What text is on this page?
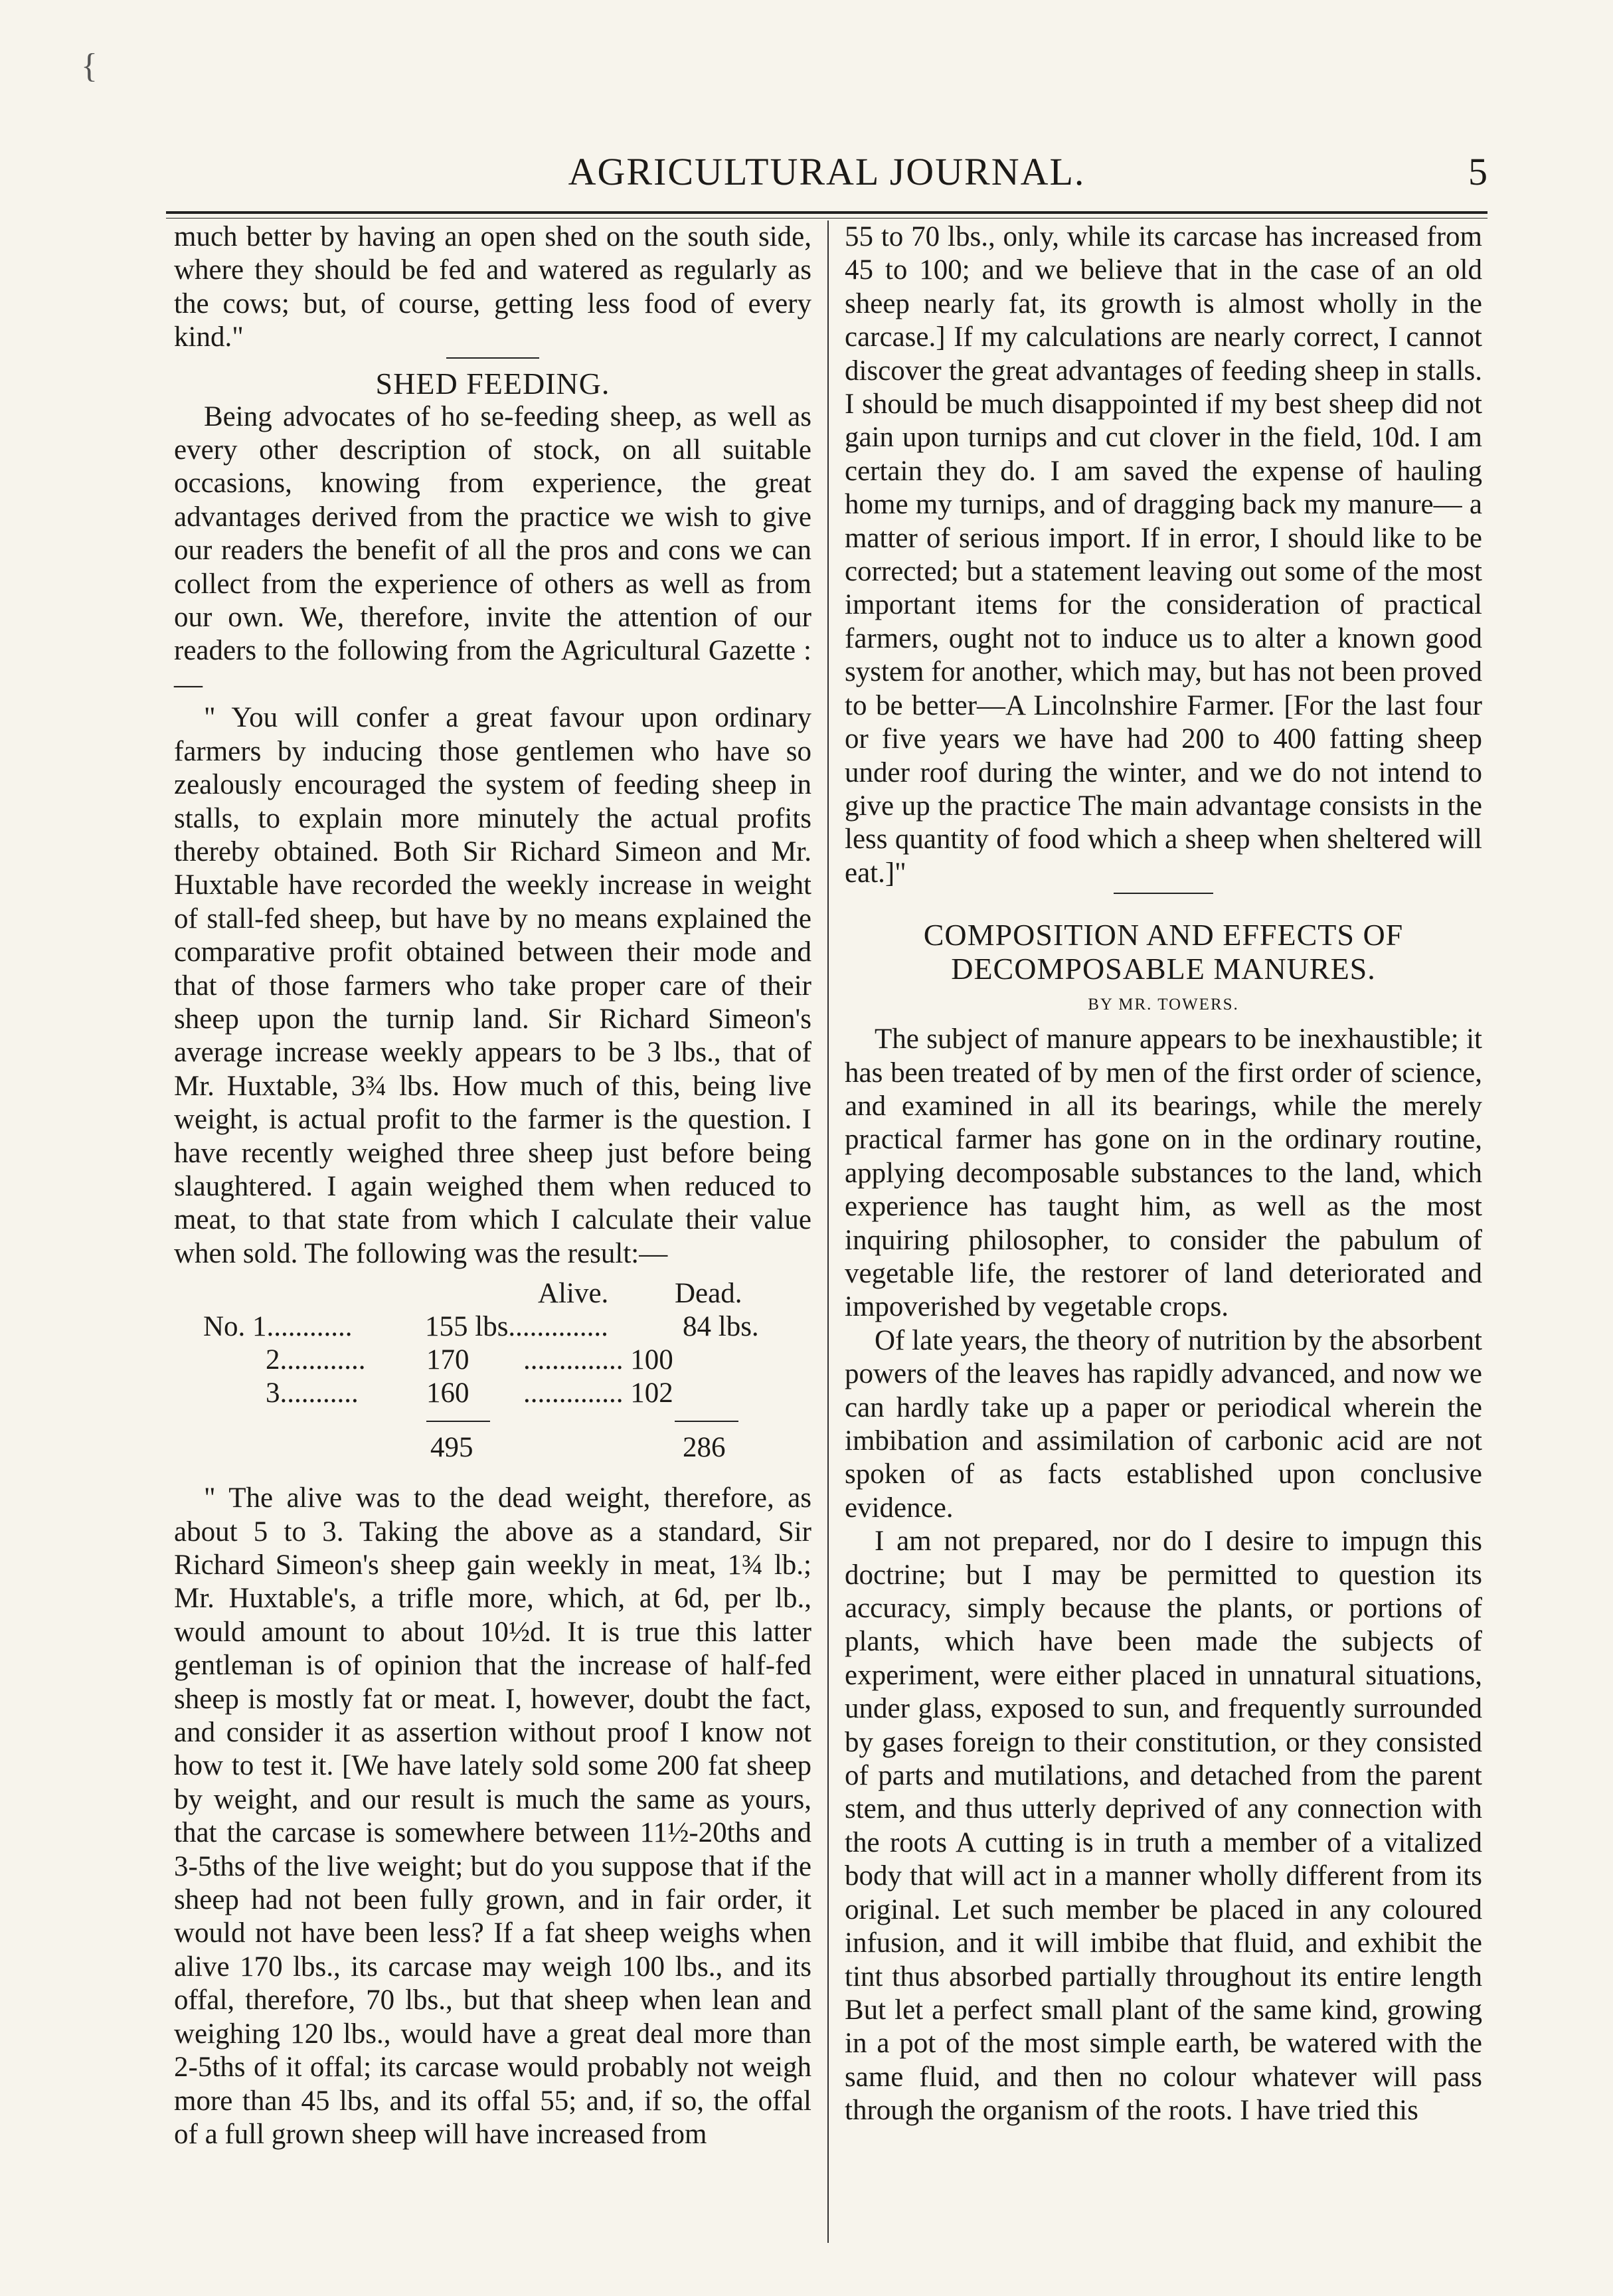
{
AGRICULTURAL JOURNAL.	5

much better by having an open shed on the south side, where they should be fed and watered as regularly as the cows; but, of course, getting less food of every kind."

SHED FEEDING.

Being advocates of ho se-feeding sheep, as well as every other description of stock, on all suitable occasions, knowing from experience, the great advantages derived from the practice we wish to give our readers the benefit of all the pros and cons we can collect from the experience of others as well as from our own. We, therefore, invite the attention of our readers to the following from the Agricultural Gazette :—

" You will confer a great favour upon ordinary farmers by inducing those gentlemen who have so zealously encouraged the system of feeding sheep in stalls, to explain more minutely the actual profits thereby obtained. Both Sir Richard Simeon and Mr. Huxtable have recorded the weekly increase in weight of stall-fed sheep, but have by no means explained the comparative profit obtained between their mode and that of those farmers who take proper care of their sheep upon the turnip land. Sir Richard Simeon's average increase weekly appears to be 3 lbs., that of Mr. Huxtable, 3¾ lbs. How much of this, being live weight, is actual profit to the farmer is the question. I have recently weighed three sheep just before being slaughtered. I again weighed them when reduced to meat, to that state from which I calculate their value when sold. The following was the result:—

Alive. Dead.
No. 1............	155 lbs..............	84 lbs.
2............ 170 .............. 100
3........... 160 .............. 102
495	286

" The alive was to the dead weight, therefore, as about 5 to 3. Taking the above as a standard, Sir Richard Simeon's sheep gain weekly in meat, 1¾ lb.; Mr. Huxtable's, a trifle more, which, at 6d, per lb., would amount to about 10½d. It is true this latter gentleman is of opinion that the increase of half-fed sheep is mostly fat or meat. I, however, doubt the fact, and consider it as assertion without proof I know not how to test it. [We have lately sold some 200 fat sheep by weight, and our result is much the same as yours, that the carcase is somewhere between 11½-20ths and 3-5ths of the live weight; but do you suppose that if the sheep had not been fully grown, and in fair order, it would not have been less? If a fat sheep weighs when alive 170 lbs., its carcase may weigh 100 lbs., and its offal, therefore, 70 lbs., but that sheep when lean and weighing 120 lbs., would have a great deal more than 2-5ths of it offal; its carcase would probably not weigh more than 45 lbs, and its offal 55; and, if so, the offal of a full grown sheep will have increased from

55 to 70 lbs., only, while its carcase has increased from 45 to 100; and we believe that in the case of an old sheep nearly fat, its growth is almost wholly in the carcase.] If my calculations are nearly correct, I cannot discover the great advantages of feeding sheep in stalls. I should be much disappointed if my best sheep did not gain upon turnips and cut clover in the field, 10d. I am certain they do. I am saved the expense of hauling home my turnips, and of dragging back my manure— a matter of serious import. If in error, I should like to be corrected; but a statement leaving out some of the most important items for the consideration of practical farmers, ought not to induce us to alter a known good system for another, which may, but has not been proved to be better—A Lincolnshire Farmer. [For the last four or five years we have had 200 to 400 fatting sheep under roof during the winter, and we do not intend to give up the practice The main advantage consists in the less quantity of food which a sheep when sheltered will eat.]"

COMPOSITION AND EFFECTS OF
DECOMPOSABLE MANURES.
BY MR. TOWERS.

The subject of manure appears to be inexhaustible; it has been treated of by men of the first order of science, and examined in all its bearings, while the merely practical farmer has gone on in the ordinary routine, applying decomposable substances to the land, which experience has taught him, as well as the most inquiring philosopher, to consider the pabulum of vegetable life, the restorer of land deteriorated and impoverished by vegetable crops.

Of late years, the theory of nutrition by the absorbent powers of the leaves has rapidly advanced, and now we can hardly take up a paper or periodical wherein the imbibation and assimilation of carbonic acid are not spoken of as facts established upon conclusive evidence.

I am not prepared, nor do I desire to impugn this doctrine; but I may be permitted to question its accuracy, simply because the plants, or portions of plants, which have been made the subjects of experiment, were either placed in unnatural situations, under glass, exposed to sun, and frequently surrounded by gases foreign to their constitution, or they consisted of parts and mutilations, and detached from the parent stem, and thus utterly deprived of any connection with the roots A cutting is in truth a member of a vitalized body that will act in a manner wholly different from its original. Let such member be placed in any coloured infusion, and it will imbibe that fluid, and exhibit the tint thus absorbed partially throughout its entire length But let a perfect small plant of the same kind, growing in a pot of the most simple earth, be watered with the same fluid, and then no colour whatever will pass through the organism of the roots. I have tried this
